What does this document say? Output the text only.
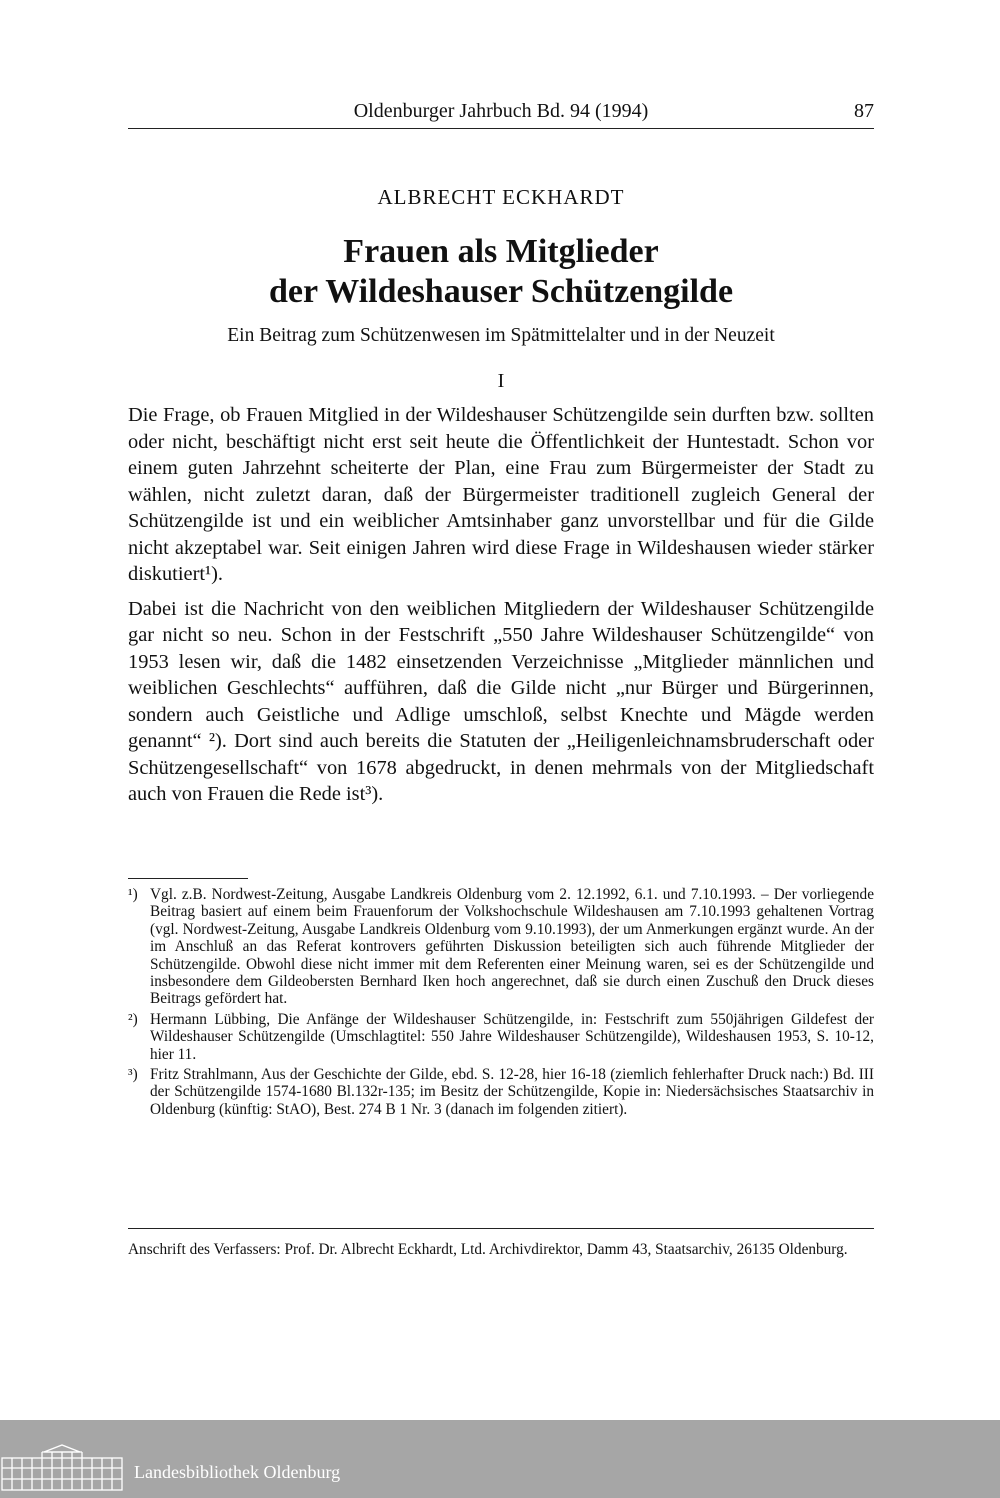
Oldenburger Jahrbuch Bd. 94 (1994)	87
ALBRECHT ECKHARDT
Frauen als Mitglieder
der Wildeshauser Schützengilde
Ein Beitrag zum Schützenwesen im Spätmittelalter und in der Neuzeit
I

Die Frage, ob Frauen Mitglied in der Wildeshauser Schützengilde sein durften bzw. sollten oder nicht, beschäftigt nicht erst seit heute die Öffentlichkeit der Huntestadt. Schon vor einem guten Jahrzehnt scheiterte der Plan, eine Frau zum Bürgermeister der Stadt zu wählen, nicht zuletzt daran, daß der Bürgermeister traditionell zugleich General der Schützengilde ist und ein weiblicher Amtsinhaber ganz unvorstellbar und für die Gilde nicht akzeptabel war. Seit einigen Jahren wird diese Frage in Wildeshausen wieder stärker diskutiert¹).

Dabei ist die Nachricht von den weiblichen Mitgliedern der Wildeshauser Schützengilde gar nicht so neu. Schon in der Festschrift „550 Jahre Wildeshauser Schützengilde“ von 1953 lesen wir, daß die 1482 einsetzenden Verzeichnisse „Mitglieder männlichen und weiblichen Geschlechts“ aufführen, daß die Gilde nicht „nur Bürger und Bürgerinnen, sondern auch Geistliche und Adlige umschloß, selbst Knechte und Mägde werden genannt“ ²). Dort sind auch bereits die Statuten der „Heiligenleichnamsbruderschaft oder Schützengesellschaft“ von 1678 abgedruckt, in denen mehrmals von der Mitgliedschaft auch von Frauen die Rede ist³).

¹) Vgl. z.B. Nordwest-Zeitung, Ausgabe Landkreis Oldenburg vom 2. 12.1992, 6.1. und 7.10.1993. – Der vorliegende Beitrag basiert auf einem beim Frauenforum der Volkshochschule Wildeshausen am 7.10.1993 gehaltenen Vortrag (vgl. Nordwest-Zeitung, Ausgabe Landkreis Oldenburg vom 9.10.1993), der um Anmerkungen ergänzt wurde. An der im Anschluß an das Referat kontrovers geführten Diskussion beteiligten sich auch führende Mitglieder der Schützengilde. Obwohl diese nicht immer mit dem Referenten einer Meinung waren, sei es der Schützengilde und insbesondere dem Gildeobersten Bernhard Iken hoch angerechnet, daß sie durch einen Zuschuß den Druck dieses Beitrags gefördert hat.
²) Hermann Lübbing, Die Anfänge der Wildeshauser Schützengilde, in: Festschrift zum 550jährigen Gildefest der Wildeshauser Schützengilde (Umschlagtitel: 550 Jahre Wildeshauser Schützengilde), Wildeshausen 1953, S. 10-12, hier 11.
³) Fritz Strahlmann, Aus der Geschichte der Gilde, ebd. S. 12-28, hier 16-18 (ziemlich fehlerhafter Druck nach:) Bd. III der Schützengilde 1574-1680 Bl.132r-135; im Besitz der Schützengilde, Kopie in: Niedersächsisches Staatsarchiv in Oldenburg (künftig: StAO), Best. 274 B 1 Nr. 3 (danach im folgenden zitiert).
Anschrift des Verfassers: Prof. Dr. Albrecht Eckhardt, Ltd. Archivdirektor, Damm 43, Staatsarchiv, 26135 Oldenburg.
Landesbibliothek Oldenburg
